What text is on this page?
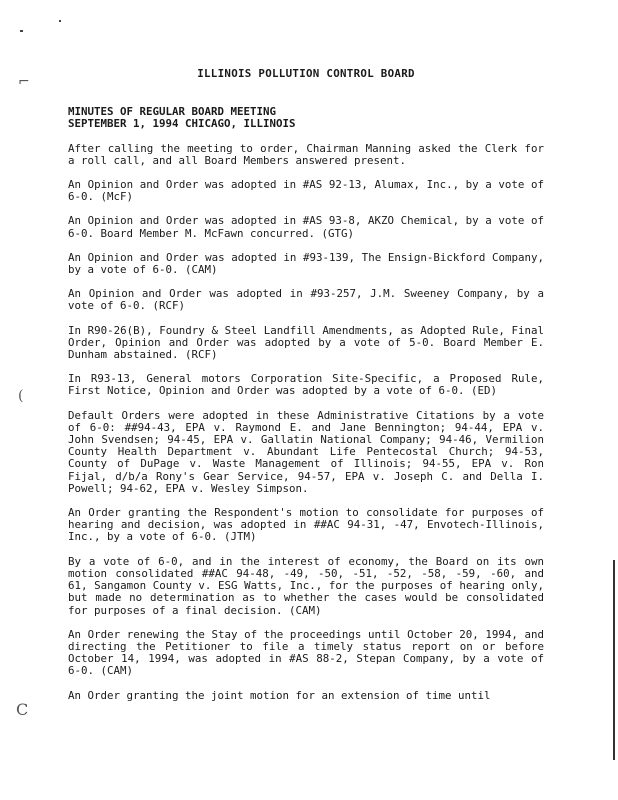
⌐
(
C
ILLINOIS POLLUTION CONTROL BOARD
MINUTES OF REGULAR BOARD MEETING
SEPTEMBER 1, 1994 CHICAGO, ILLINOIS
After calling the meeting to order, Chairman Manning asked the Clerk for a roll call, and all Board Members answered present.
An Opinion and Order was adopted in #AS 92-13, Alumax, Inc., by a vote of 6-0. (McF)
An Opinion and Order was adopted in #AS 93-8, AKZO Chemical, by a vote of 6-0. Board Member M. McFawn concurred. (GTG)
An Opinion and Order was adopted in #93-139, The Ensign-Bickford Company, by a vote of 6-0. (CAM)
An Opinion and Order was adopted in #93-257, J.M. Sweeney Company, by a vote of 6-0. (RCF)
In R90-26(B), Foundry & Steel Landfill Amendments, as Adopted Rule, Final Order, Opinion and Order was adopted by a vote of 5-0. Board Member E. Dunham abstained. (RCF)
In R93-13, General motors Corporation Site-Specific, a Proposed Rule, First Notice, Opinion and Order was adopted by a vote of 6-0. (ED)
Default Orders were adopted in these Administrative Citations by a vote of 6-0: ##94-43, EPA v. Raymond E. and Jane Bennington; 94-44, EPA v. John Svendsen; 94-45, EPA v. Gallatin National Company; 94-46, Vermilion County Health Department v. Abundant Life Pentecostal Church; 94-53, County of DuPage v. Waste Management of Illinois; 94-55, EPA v. Ron Fijal, d/b/a Rony's Gear Service, 94-57, EPA v. Joseph C. and Della I. Powell; 94-62, EPA v. Wesley Simpson.
An Order granting the Respondent's motion to consolidate for purposes of hearing and decision, was adopted in ##AC 94-31, -47, Envotech-Illinois, Inc., by a vote of 6-0. (JTM)
By a vote of 6-0, and in the interest of economy, the Board on its own motion consolidated ##AC 94-48, -49, -50, -51, -52, -58, -59, -60, and 61, Sangamon County v. ESG Watts, Inc., for the purposes of hearing only, but made no determination as to whether the cases would be consolidated for purposes of a final decision. (CAM)
An Order renewing the Stay of the proceedings until October 20, 1994, and directing the Petitioner to file a timely status report on or before October 14, 1994, was adopted in #AS 88-2, Stepan Company, by a vote of 6-0. (CAM)
An Order granting the joint motion for an extension of time until
